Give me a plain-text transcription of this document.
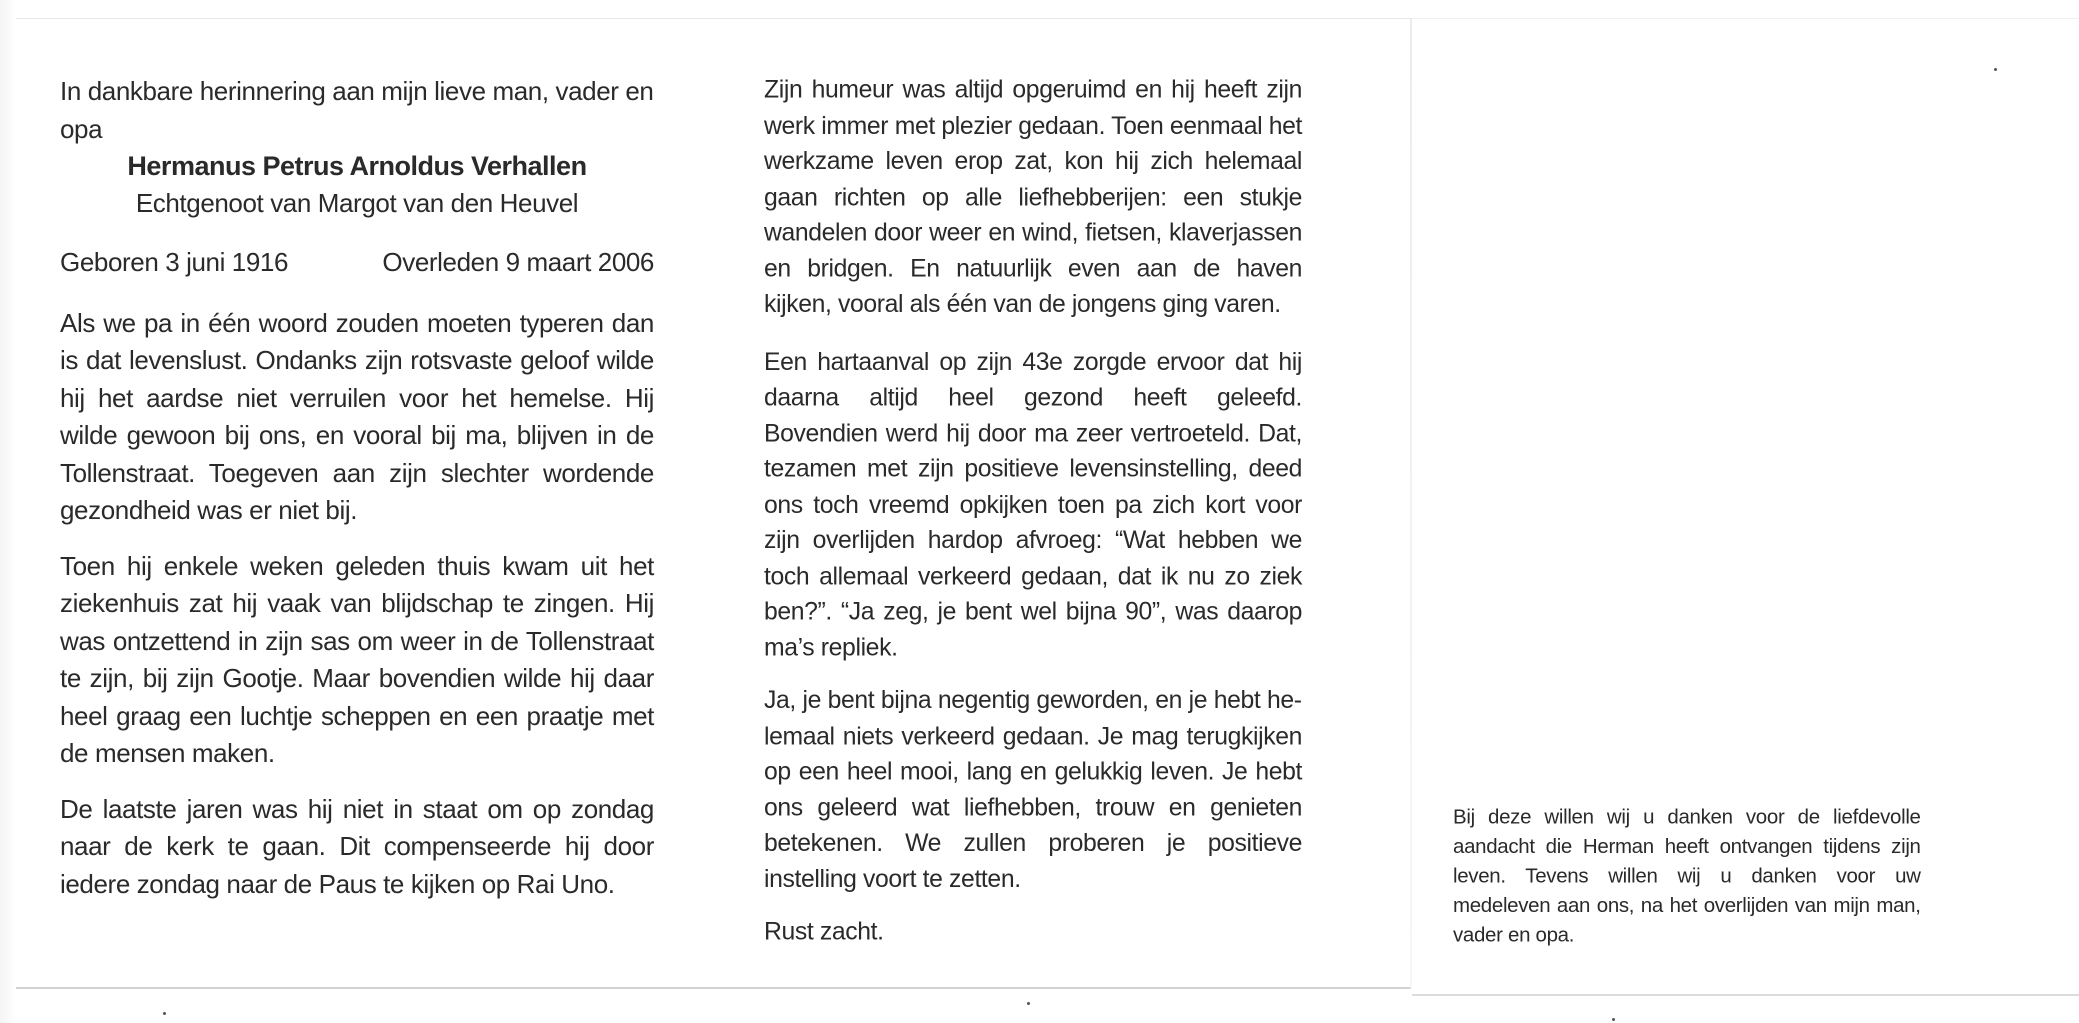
In dankbare herinnering aan mijn lieve man, vader en opa

Hermanus Petrus Arnoldus Verhallen

Echtgenoot van Margot van den Heuvel

Geboren 3 juni 1916	Overleden 9 maart 2006

Als we pa in één woord zouden moeten typeren dan is dat levenslust. Ondanks zijn rotsvaste geloof wilde hij het aardse niet verruilen voor het hemelse. Hij wilde gewoon bij ons, en vooral bij ma, blijven in de Tollenstraat. Toegeven aan zijn slechter wordende gezondheid was er niet bij.

Toen hij enkele weken geleden thuis kwam uit het ziekenhuis zat hij vaak van blijdschap te zingen. Hij was ontzettend in zijn sas om weer in de Tollenstraat te zijn, bij zijn Gootje. Maar bovendien wilde hij daar heel graag een luchtje scheppen en een praatje met de mensen maken.

De laatste jaren was hij niet in staat om op zondag naar de kerk te gaan. Dit compenseerde hij door iedere zondag naar de Paus te kijken op Rai Uno.

Zijn humeur was altijd opgeruimd en hij heeft zijn werk immer met plezier gedaan. Toen eenmaal het werkzame leven erop zat, kon hij zich helemaal gaan richten op alle liefhebberijen: een stukje wandelen door weer en wind, fietsen, klaverjassen en bridgen. En natuurlijk even aan de haven kijken, vooral als één van de jongens ging varen.

Een hartaanval op zijn 43e zorgde ervoor dat hij daarna altijd heel gezond heeft geleefd. Bovendien werd hij door ma zeer vertroeteld. Dat, tezamen met zijn positieve levensinstelling, deed ons toch vreemd opkijken toen pa zich kort voor zijn overlijden hardop afvroeg: “Wat hebben we toch allemaal verkeerd gedaan, dat ik nu zo ziek ben?”. “Ja zeg, je bent wel bijna 90”, was daarop ma’s repliek.

Ja, je bent bijna negentig geworden, en je hebt helemaal niets verkeerd gedaan. Je mag terugkijken op een heel mooi, lang en gelukkig leven. Je hebt ons geleerd wat liefhebben, trouw en genieten betekenen. We zullen proberen je positieve instelling voort te zetten.

Rust zacht.

Bij deze willen wij u danken voor de liefdevolle aandacht die Herman heeft ontvangen tijdens zijn leven. Tevens willen wij u danken voor uw medeleven aan ons, na het overlijden van mijn man, vader en opa.
